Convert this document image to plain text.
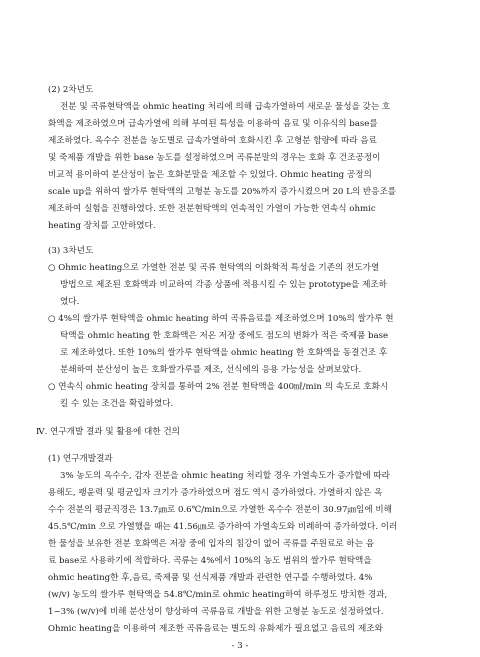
(2) 2차년도
전분 및 곡류현탁액을 ohmic heating 처리에 의해 급속가열하여 새로운 물성을 갖는 호
화액을 제조하였으며 급속가열에 의해 부여된 특성을 이용하여 음료 및 이유식의 base를
제조하였다. 옥수수 전분을 농도별로 급속가열하여 호화시킨 후 고형분 함량에 따라 음료
및 죽제품 개발을 위한 base 농도를 설정하였으며 곡류분말의 경우는 호화 후 건조공정이
비교적 용이하여 분산성이 높은 호화분말을 제조할 수 있었다. Ohmic heating 공정의
scale up을 위하여 쌀가루 현탁액의 고형분 농도를 20%까지 증가시켰으며 20 L의 반응조를
제조하여 실험을 진행하였다. 또한 전분현탁액의 연속적인 가열이 가능한 연속식 ohmic
heating 장치를 고안하였다.
(3) 3차년도
○ Ohmic heating으로 가열한 전분 및 곡류 현탁액의 이화학적 특성을 기존의 전도가열
방법으로 제조된 호화액과 비교하여 각종 상품에 적용시킬 수 있는 prototype을 제조하
였다.
○ 4%의 쌀가루 현탁액을 ohmic heating 하여 곡류음료를 제조하였으며 10%의 쌀가루 현
탁액을 ohmic heating 한 호화액은 저온 저장 중에도 점도의 변화가 적은 죽제품 base
로 제조하였다. 또한 10%의 쌀가루 현탁액을 ohmic heating 한 호화액을 동결건조 후
분쇄하여 분산성이 높은 호화쌀가루를 제조, 선식에의 응용 가능성을 살펴보았다.
○ 연속식 ohmic heating 장치를 통하여 2% 전분 현탁액을 400㎖/min 의 속도로 호화시
킬 수 있는 조건을 확립하였다.
Ⅳ. 연구개발 결과 및 활용에 대한 건의
(1) 연구개발결과
3% 농도의 옥수수, 감자 전분을 ohmic heating 처리할 경우 가열속도가 증가할에 따라
용해도, 팽윤력 및 평균입자 크기가 증가하였으며 점도 역시 증가하였다. 가열하지 않은 옥
수수 전분의 평균직경은 13.7㎛로 0.6℃/min으로 가열한 옥수수 전분이 30.97㎛임에 비해
45.5℃/min 으로 가열했을 때는 41.56㎛로 증가하여 가열속도와 비례하여 증가하였다. 이러
한 물성을 보유한 전분 호화액은 저장 중에 입자의 침강이 없어 곡류를 주원료로 하는 음
료 base로 사용하기에 적합하다. 곡류는 4%에서 10%의 농도 범위의 쌀가루 현탁액을
ohmic heating한 후,음료, 죽제품 및 선식제품 개발과 관련한 연구를 수행하였다. 4%
(w/v) 농도의 쌀가루 현탁액을 54.8℃/min로 ohmic heating하여 하루정도 방치한 경과,
1~3% (w/v)에 비해 분산성이 향상하여 곡류음료 개발을 위한 고형분 농도로 설정하였다.
Ohmic heating을 이용하여 제조한 곡류음료는 별도의 유화제가 필요없고 음료의 제조와
- 3 -
